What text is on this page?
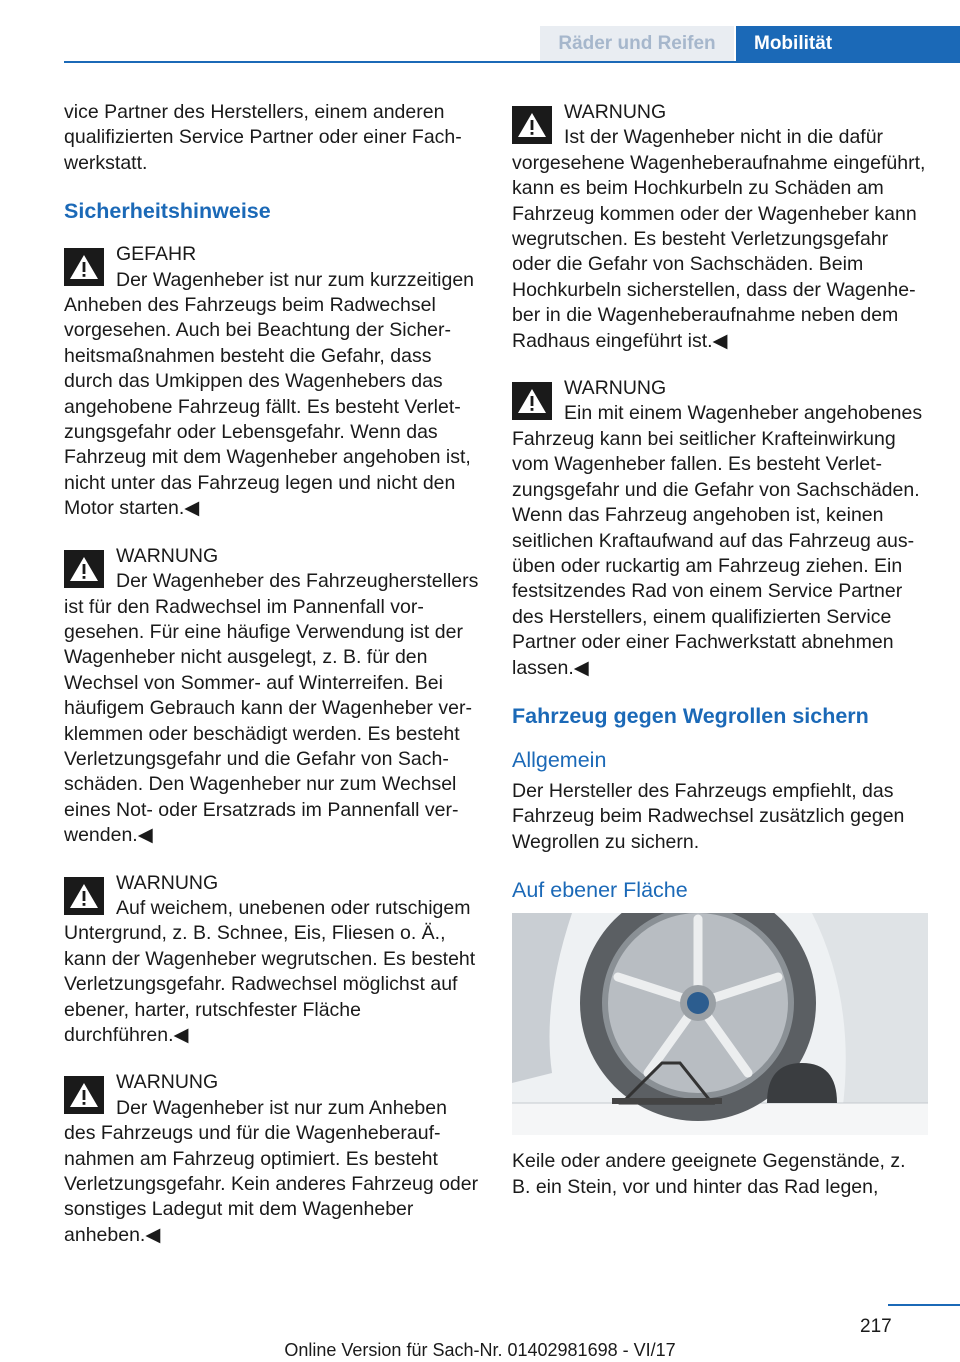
Räder und Reifen	Mobilität

vice Partner des Herstellers, einem anderen qualifizierten Service Partner oder einer Fachwerkstatt.

Sicherheitshinweise

GEFAHR

Der Wagenheber ist nur zum kurzzeitigen Anheben des Fahrzeugs beim Radwechsel vorgesehen. Auch bei Beachtung der Sicherheitsmaßnahmen besteht die Gefahr, dass durch das Umkippen des Wagenhebers das angehobene Fahrzeug fällt. Es besteht Verletzungsgefahr oder Lebensgefahr. Wenn das Fahrzeug mit dem Wagenheber angehoben ist, nicht unter das Fahrzeug legen und nicht den Motor starten.◀

WARNUNG

Der Wagenheber des Fahrzeugherstellers ist für den Radwechsel im Pannenfall vorgesehen. Für eine häufige Verwendung ist der Wagenheber nicht ausgelegt, z. B. für den Wechsel von Sommer- auf Winterreifen. Bei häufigem Gebrauch kann der Wagenheber verklemmen oder beschädigt werden. Es besteht Verletzungsgefahr und die Gefahr von Sachschäden. Den Wagenheber nur zum Wechsel eines Not- oder Ersatzrads im Pannenfall verwenden.◀

WARNUNG

Auf weichem, unebenen oder rutschigem Untergrund, z. B. Schnee, Eis, Fliesen o. Ä., kann der Wagenheber wegrutschen. Es besteht Verletzungsgefahr. Radwechsel möglichst auf ebener, harter, rutschfester Fläche durchführen.◀

WARNUNG

Der Wagenheber ist nur zum Anheben des Fahrzeugs und für die Wagenheberaufnahmen am Fahrzeug optimiert. Es besteht Verletzungsgefahr. Kein anderes Fahrzeug oder sonstiges Ladegut mit dem Wagenheber anheben.◀

WARNUNG

Ist der Wagenheber nicht in die dafür vorgesehene Wagenheberaufnahme eingeführt, kann es beim Hochkurbeln zu Schäden am Fahrzeug kommen oder der Wagenheber kann wegrutschen. Es besteht Verletzungsgefahr oder die Gefahr von Sachschäden. Beim Hochkurbeln sicherstellen, dass der Wagenheber in die Wagenheberaufnahme neben dem Radhaus eingeführt ist.◀

WARNUNG

Ein mit einem Wagenheber angehobenes Fahrzeug kann bei seitlicher Krafteinwirkung vom Wagenheber fallen. Es besteht Verletzungsgefahr und die Gefahr von Sachschäden. Wenn das Fahrzeug angehoben ist, keinen seitlichen Kraftaufwand auf das Fahrzeug ausüben oder ruckartig am Fahrzeug ziehen. Ein festsitzendes Rad von einem Service Partner des Herstellers, einem qualifizierten Service Partner oder einer Fachwerkstatt abnehmen lassen.◀

Fahrzeug gegen Wegrollen sichern
Allgemein

Der Hersteller des Fahrzeugs empfiehlt, das Fahrzeug beim Radwechsel zusätzlich gegen Wegrollen zu sichern.

Auf ebener Fläche

Keile oder andere geeignete Gegenstände, z. B. ein Stein, vor und hinter das Rad legen,

217
Online Version für Sach-Nr. 01402981698 - VI/17
